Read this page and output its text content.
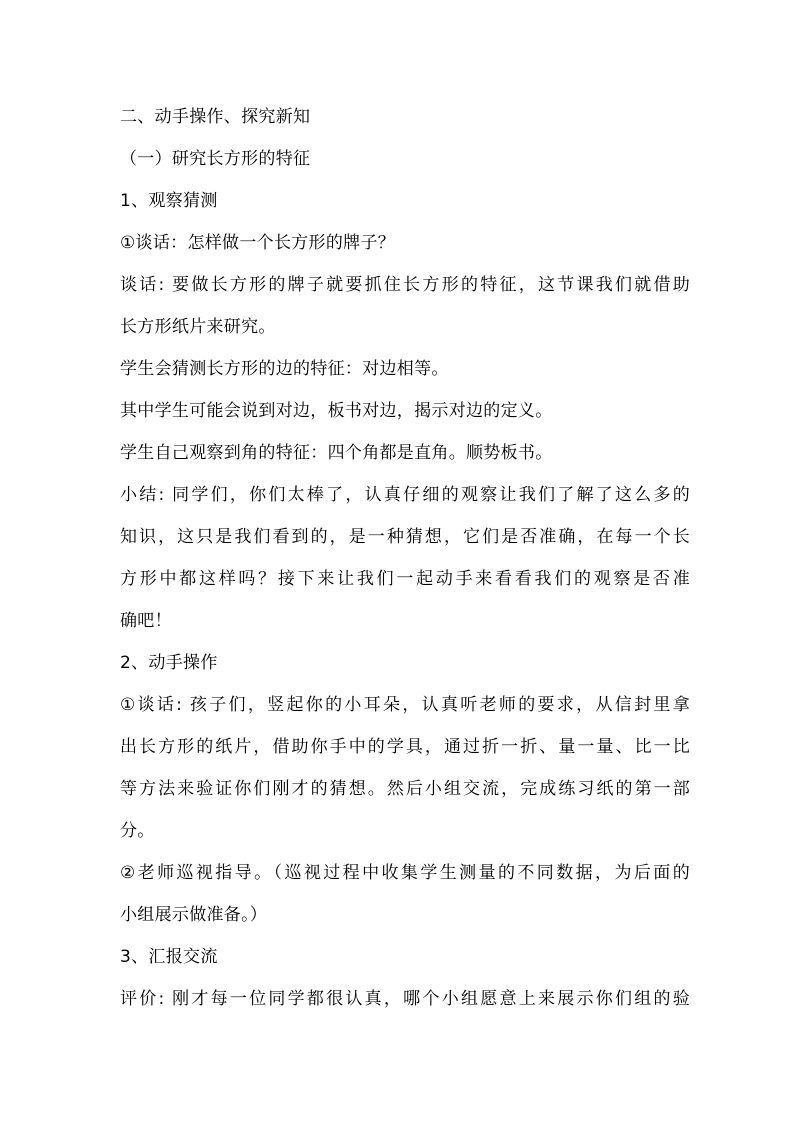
二、动手操作、探究新知
（一）研究长方形的特征
1、观察猜测
①谈话：怎样做一个长方形的牌子？
谈话: 要做长方形的牌子就要抓住长方形的特征，这节课我们就借助
长方形纸片来研究。
学生会猜测长方形的边的特征：对边相等。
其中学生可能会说到对边，板书对边，揭示对边的定义。
学生自己观察到角的特征：四个角都是直角。顺势板书。
小结: 同学们，你们太棒了，认真仔细的观察让我们了解了这么多的
知识，这只是我们看到的，是一种猜想，它们是否准确，在每一个长
方形中都这样吗？接下来让我们一起动手来看看我们的观察是否准
确吧！
2、动手操作
①谈话: 孩子们，竖起你的小耳朵，认真听老师的要求，从信封里拿
出长方形的纸片，借助你手中的学具，通过折一折、量一量、比一比
等方法来验证你们刚才的猜想。然后小组交流，完成练习纸的第一部
分。
②老师巡视指导。（巡视过程中收集学生测量的不同数据，为后面的
小组展示做准备。）
3、汇报交流
评价: 刚才每一位同学都很认真，哪个小组愿意上来展示你们组的验
